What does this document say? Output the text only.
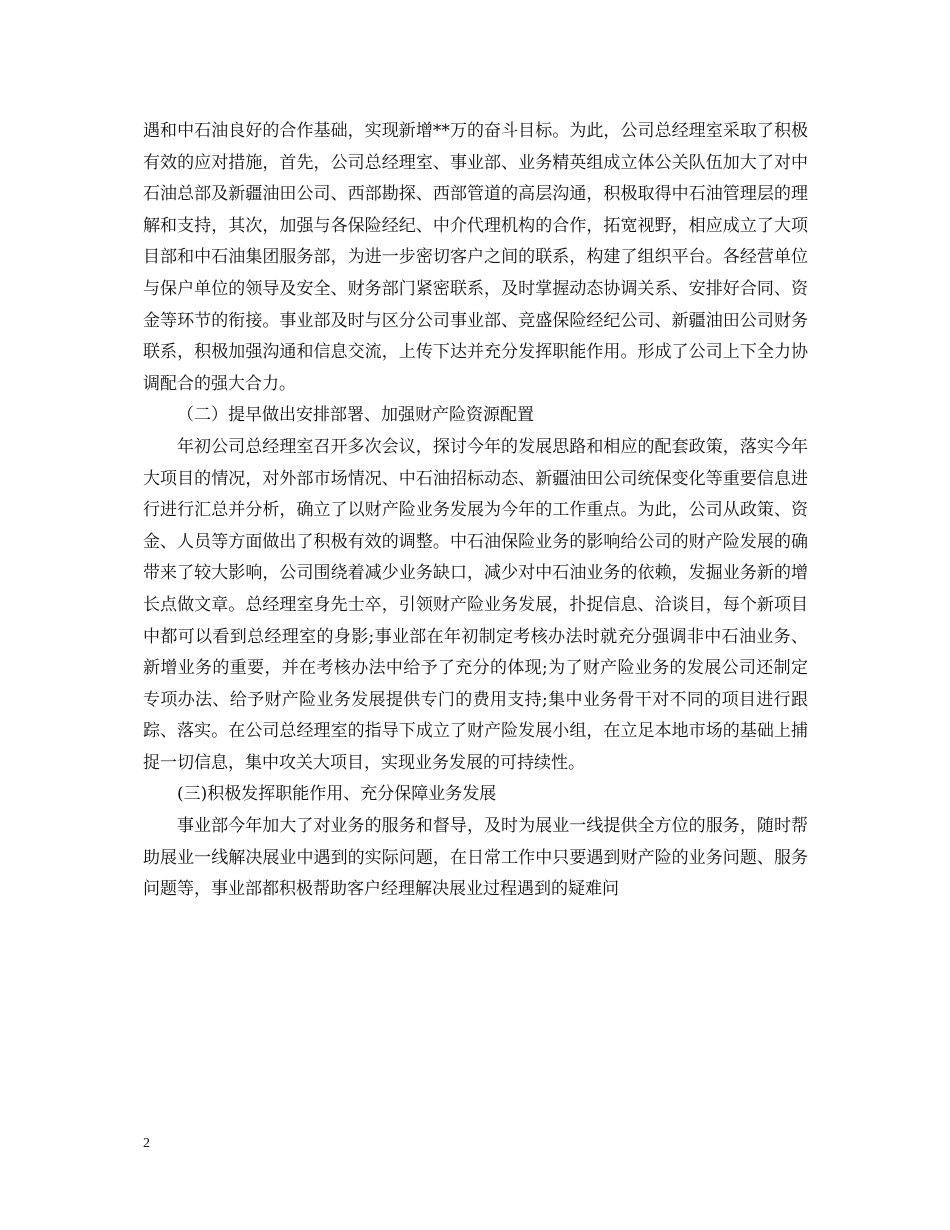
遇和中石油良好的合作基础，实现新增**万的奋斗目标。为此，公司总经理室采取了积极有效的应对措施，首先，公司总经理室、事业部、业务精英组成立体公关队伍加大了对中石油总部及新疆油田公司、西部勘探、西部管道的高层沟通，积极取得中石油管理层的理解和支持，其次，加强与各保险经纪、中介代理机构的合作，拓宽视野，相应成立了大项目部和中石油集团服务部，为进一步密切客户之间的联系，构建了组织平台。各经营单位与保户单位的领导及安全、财务部门紧密联系，及时掌握动态协调关系、安排好合同、资金等环节的衔接。事业部及时与区分公司事业部、竞盛保险经纪公司、新疆油田公司财务联系，积极加强沟通和信息交流，上传下达并充分发挥职能作用。形成了公司上下全力协调配合的强大合力。

（二）提早做出安排部署、加强财产险资源配置

年初公司总经理室召开多次会议，探讨今年的发展思路和相应的配套政策，落实今年大项目的情况，对外部市场情况、中石油招标动态、新疆油田公司统保变化等重要信息进行进行汇总并分析，确立了以财产险业务发展为今年的工作重点。为此，公司从政策、资金、人员等方面做出了积极有效的调整。中石油保险业务的影响给公司的财产险发展的确带来了较大影响，公司围绕着减少业务缺口，减少对中石油业务的依赖，发掘业务新的增长点做文章。总经理室身先士卒，引领财产险业务发展，扑捉信息、洽谈目，每个新项目中都可以看到总经理室的身影;事业部在年初制定考核办法时就充分强调非中石油业务、新增业务的重要，并在考核办法中给予了充分的体现;为了财产险业务的发展公司还制定专项办法、给予财产险业务发展提供专门的费用支持;集中业务骨干对不同的项目进行跟踪、落实。在公司总经理室的指导下成立了财产险发展小组，在立足本地市场的基础上捕捉一切信息，集中攻关大项目，实现业务发展的可持续性。

(三)积极发挥职能作用、充分保障业务发展

事业部今年加大了对业务的服务和督导，及时为展业一线提供全方位的服务，随时帮助展业一线解决展业中遇到的实际问题，在日常工作中只要遇到财产险的业务问题、服务问题等，事业部都积极帮助客户经理解决展业过程遇到的疑难问

2
